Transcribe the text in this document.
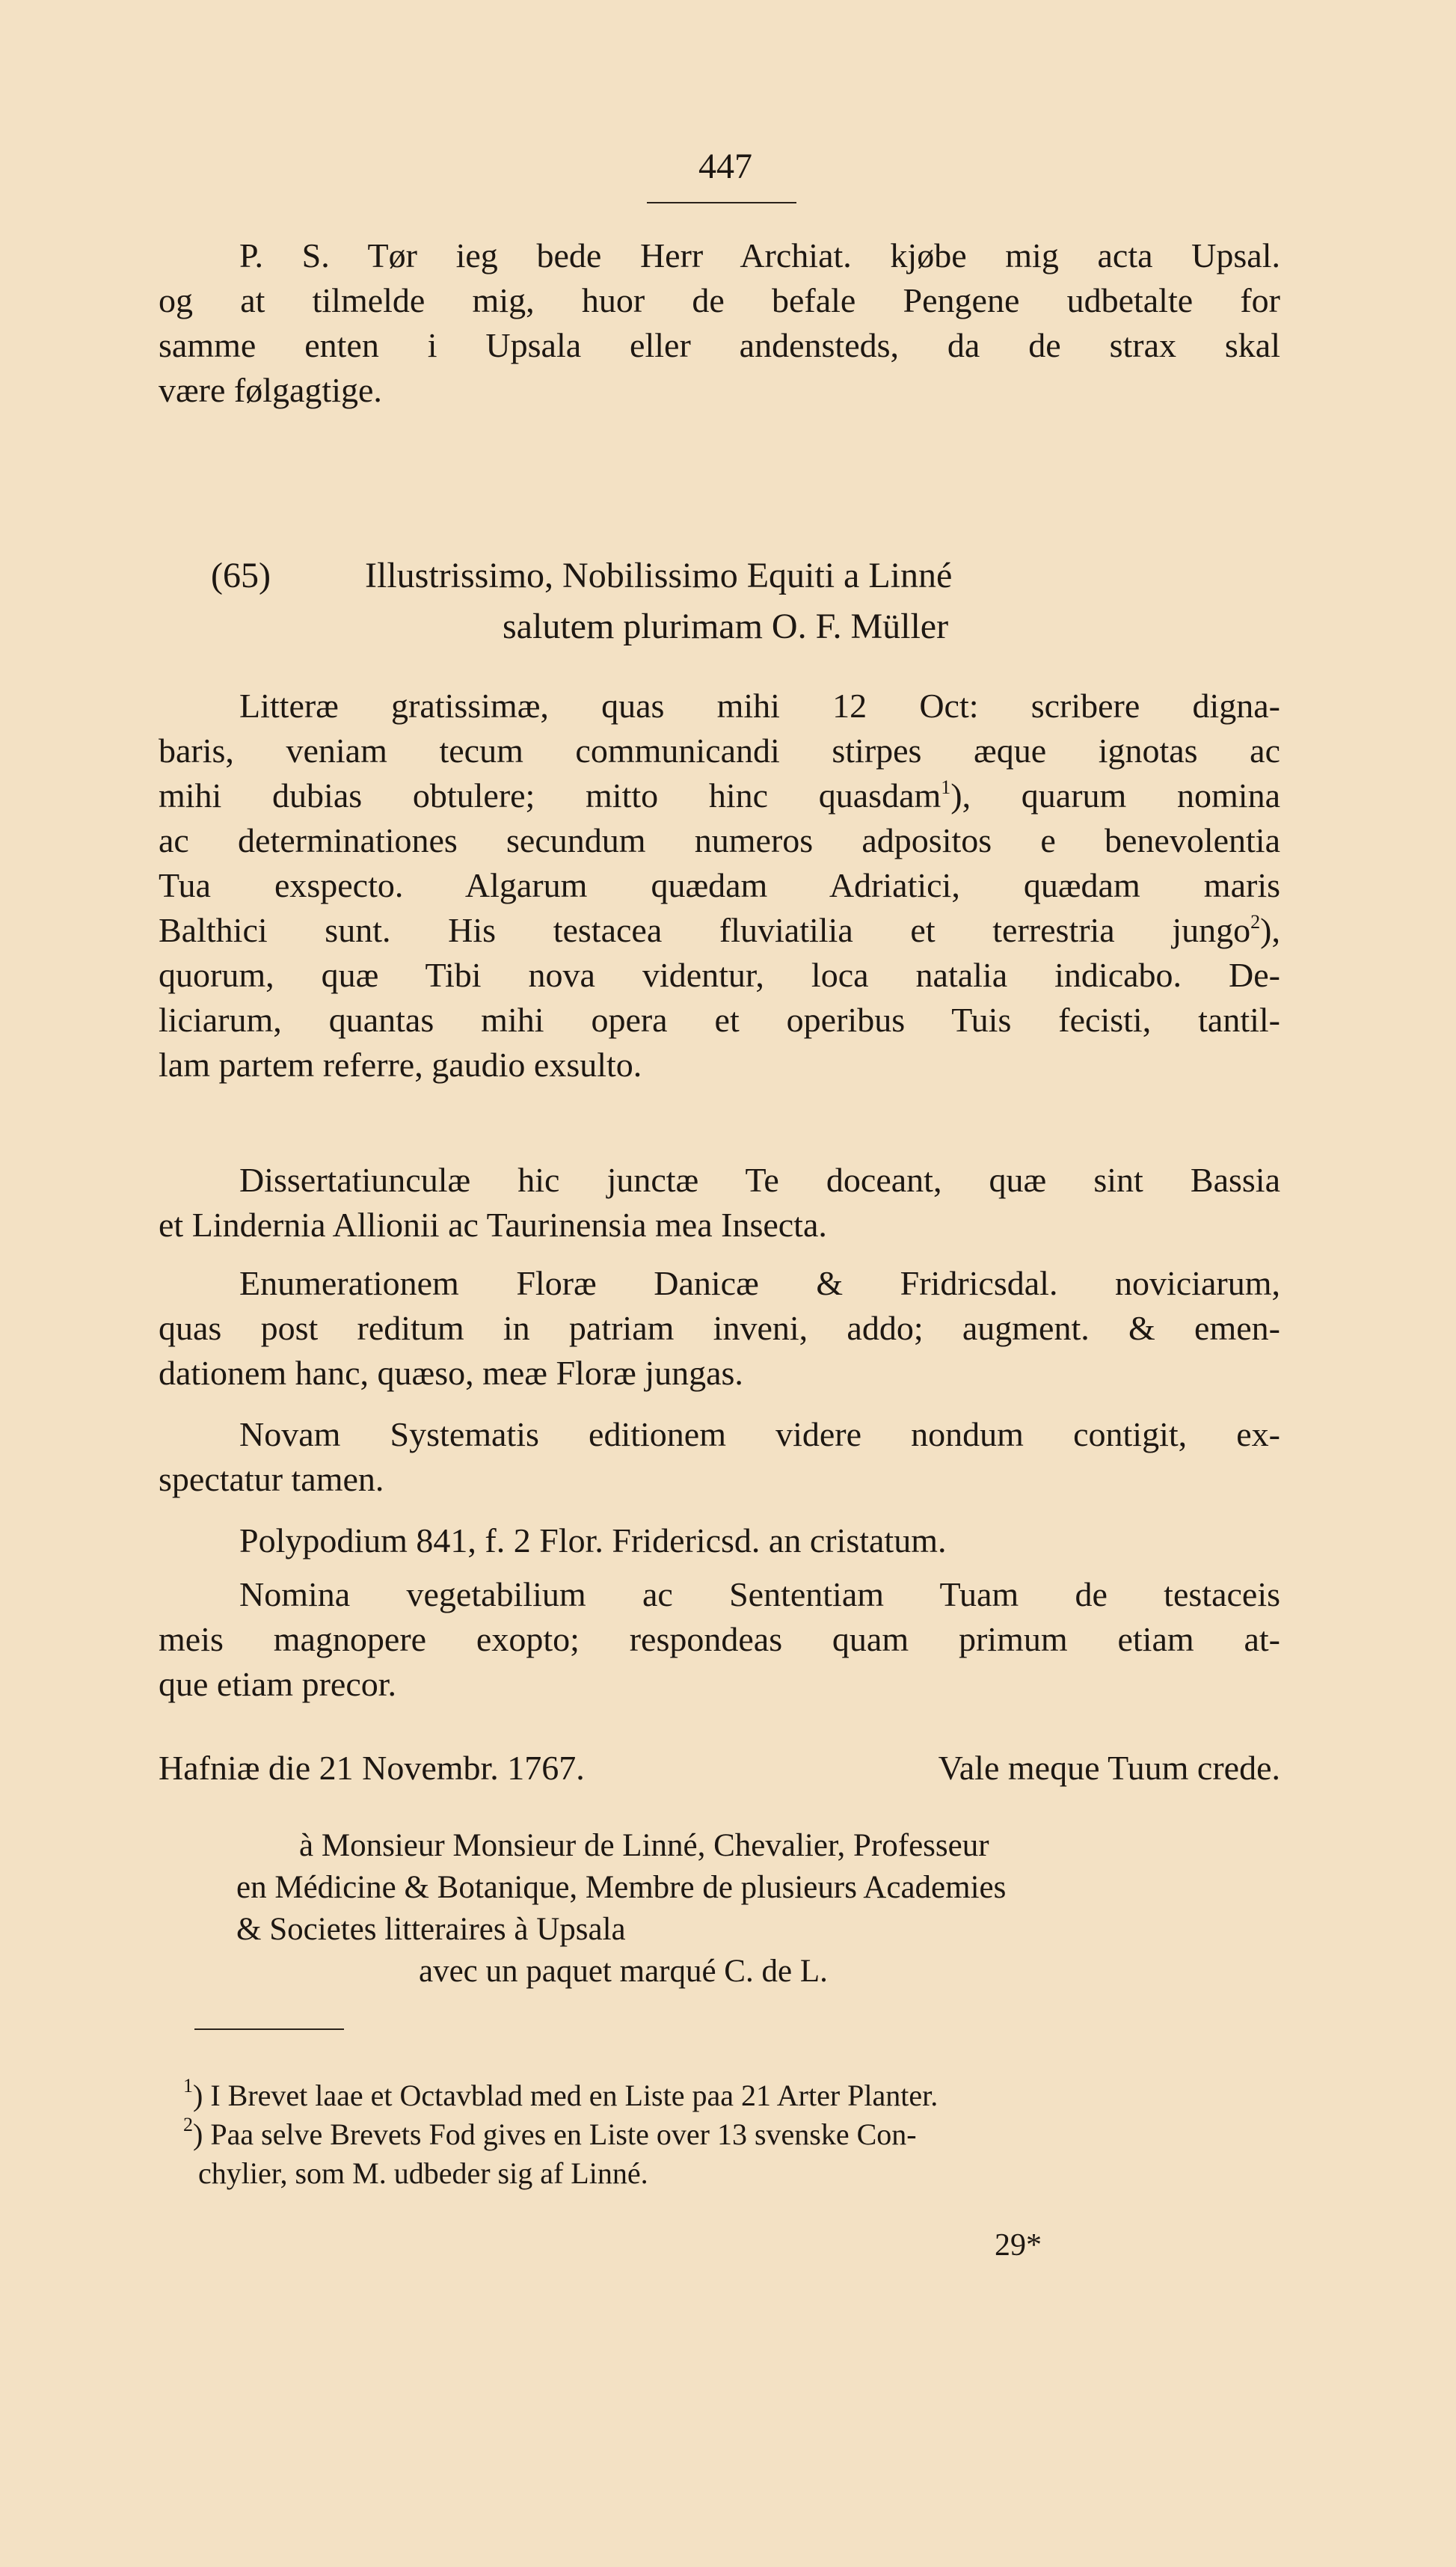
447

P. S. Tør ieg bede Herr Archiat. kjøbe mig acta Upsal.

og at tilmelde mig, huor de befale Pengene udbetalte for

samme enten i Upsala eller andensteds, da de strax skal

være følgagtige.

(65)	Illustrissimo, Nobilissimo Equiti a Linné
salutem plurimam O. F. Müller

Litteræ gratissimæ, quas mihi 12 Oct: scribere digna-

baris, veniam tecum communicandi stirpes æque ignotas ac

mihi dubias obtulere; mitto hinc quasdam$^1$), quarum nomina

ac determinationes secundum numeros adpositos e benevolentia

Tua exspecto. Algarum quædam Adriatici, quædam maris

Balthici sunt. His testacea fluviatilia et terrestria jungo$^2$),

quorum, quæ Tibi nova videntur, loca natalia indicabo. De-

liciarum, quantas mihi opera et operibus Tuis fecisti, tantil-

lam partem referre, gaudio exsulto.

Dissertatiunculæ hic junctæ Te doceant, quæ sint Bassia

et Lindernia Allionii ac Taurinensia mea Insecta.

Enumerationem Floræ Danicæ & Fridricsdal. noviciarum,

quas post reditum in patriam inveni, addo; augment. & emen-

dationem hanc, quæso, meæ Floræ jungas.

Novam Systematis editionem videre nondum contigit, ex-

spectatur tamen.

Polypodium 841, f. 2 Flor. Fridericsd. an cristatum.

Nomina vegetabilium ac Sententiam Tuam de testaceis

meis magnopere exopto; respondeas quam primum etiam at-

que etiam precor.

Hafniæ die 21 Novembr. 1767.	Vale meque Tuum crede.

à Monsieur Monsieur de Linné, Chevalier, Professeur

en Médicine & Botanique, Membre de plusieurs Academies

& Societes litteraires à Upsala

avec un paquet marqué C. de L.

$^1$) I Brevet laae et Octavblad med en Liste paa 21 Arter Planter.

$^2$) Paa selve Brevets Fod gives en Liste over 13 svenske Con-

chylier, som M. udbeder sig af Linné.

29*
